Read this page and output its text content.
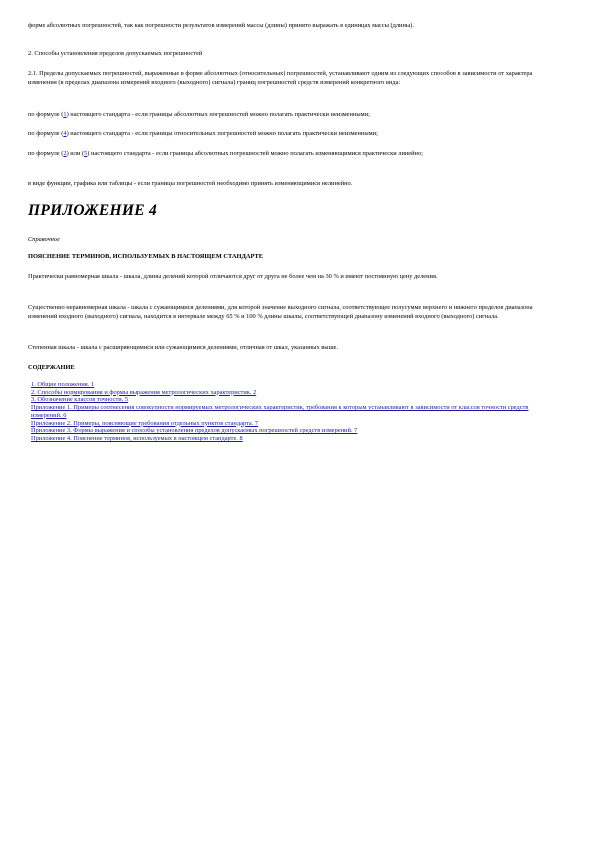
форме абсолютных погрешностей, так как погрешности результатов измерений массы (длины) принято выражать в единицах массы (длины).

2. Способы установления пределов допускаемых погрешностей

2.1. Пределы допускаемых погрешностей, выраженные в форме абсолютных (относительных) погрешностей, устанавливают одним из следующих способов в зависимости от характера изменения (в пределах диапазона измерений входного (выходного) сигнала) границ погрешностей средств измерений конкретного вида:

по формуле (1) настоящего стандарта - если границы абсолютных погрешностей можно полагать практически неизменными;

по формуле (4) настоящего стандарта - если границы относительных погрешностей можно полагать практически неизменными;

по формуле (2) или (5) настоящего стандарта - если границы абсолютных погрешностей можно полагать изменяющимися практически линейно;

в виде функции, графика или таблицы - если границы погрешностей необходимо принять изменяющимися нелинейно.

ПРИЛОЖЕНИЕ 4

Справочное

ПОЯСНЕНИЕ ТЕРМИНОВ, ИСПОЛЬЗУЕМЫХ В НАСТОЯЩЕМ СТАНДАРТЕ

Практически равномерная шкала - шкала, длины делений которой отличаются друг от друга не более чем на 30 % и имеют постоянную цену деления.

Существенно неравномерная шкала - шкала с сужающимися делениями, для которой значение выходного сигнала, соответствующее полусумме верхнего и нижнего пределов диапазона изменений входного (выходного) сигнала, находится в интервале между 65 % и 100 % длины шкалы, соответствующей диапазону изменений входного (выходного) сигнала.

Степенная шкала - шкала с расширяющимися или сужающимися делениями, отличная от шкал, указанных выше.

СОДЕРЖАНИЕ

1. Общие положения. 1
2. Способы нормирования и формы выражения метрологических характеристик. 2
3. Обозначение классов точности. 5
Приложение 1. Примеры соотнесения совокупности нормируемых метрологических характеристик, требования к которым устанавливают в зависимости от классов точности средств измерений. 6
Приложение 2. Примеры, поясняющие требования отдельных пунктов стандарта. 7
Приложение 3. Формы выражения и способы установления пределов допускаемых погрешностей средств измерений. 7
Приложение 4. Пояснение терминов, используемых в настоящем стандарте. 8
